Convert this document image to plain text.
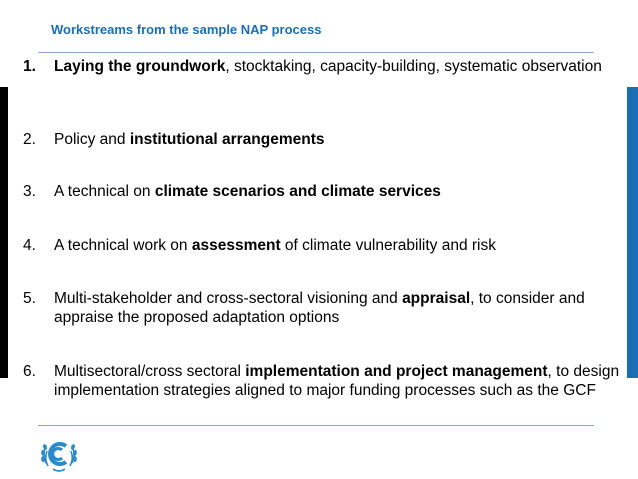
Workstreams from the sample NAP process
1. Laying the groundwork, stocktaking, capacity-building, systematic observation
2. Policy and institutional arrangements
3. A technical on climate scenarios and climate services
4. A technical work on assessment of climate vulnerability and risk
5. Multi-stakeholder and cross-sectoral visioning and appraisal, to consider and appraise the proposed adaptation options
6. Multisectoral/cross sectoral implementation and project management, to design implementation strategies aligned to major funding processes such as the GCF
